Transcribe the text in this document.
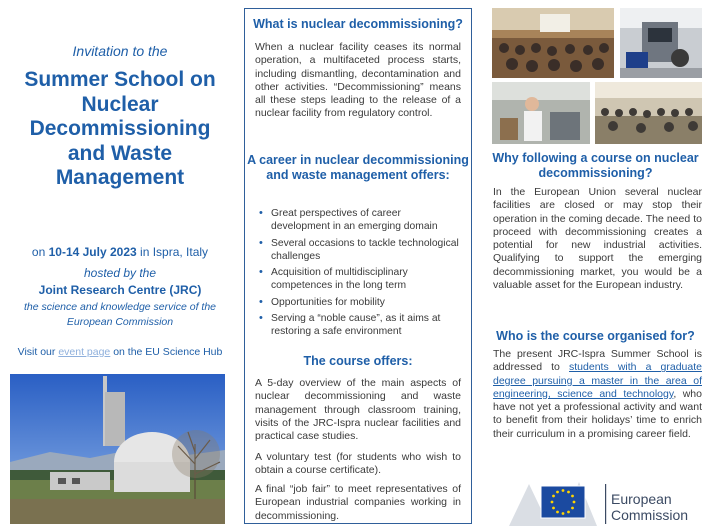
Invitation to the
Summer School on
Nuclear
Decommissioning
and Waste
Management
on 10-14 July 2023 in Ispra, Italy
hosted by the
Joint Research Centre (JRC)
the science and knowledge service of the
European Commission
Visit our event page on the EU Science Hub
What is nuclear decommissioning?
When a nuclear facility ceases its normal operation, a multifaceted process starts, including dismantling, decontamination and other activities. “Decommissioning” means all these steps leading to the release of a nuclear facility from regulatory control.
A career in nuclear decommissioning and waste management offers:
• Great perspectives of career development in an emerging domain
• Several occasions to tackle technological challenges
• Acquisition of multidisciplinary competences in the long term
• Opportunities for mobility
• Serving a “noble cause”, as it aims at restoring a safe environment
The course offers:
A 5-day overview of the main aspects of nuclear decommissioning and waste management through classroom training, visits of the JRC-Ispra nuclear facilities and practical case studies.
A voluntary test (for students who wish to obtain a course certificate).
A final “job fair” to meet representatives of European industrial companies working in decommissioning.
Why following a course on nuclear decommissioning?
In the European Union several nuclear facilities are closed or may stop their operation in the coming decade. The need to proceed with decommissioning creates a potential for new industrial activities. Qualifying to support the emerging decommissioning market, you would be a valuable asset for the European industry.
Who is the course organised for?
The present JRC-Ispra Summer School is addressed to students with a graduate degree pursuing a master in the area of engineering, science and technology, who have not yet a professional activity and want to benefit from their holidays’ time to enrich their curriculum in a promising career field.
European
Commission
